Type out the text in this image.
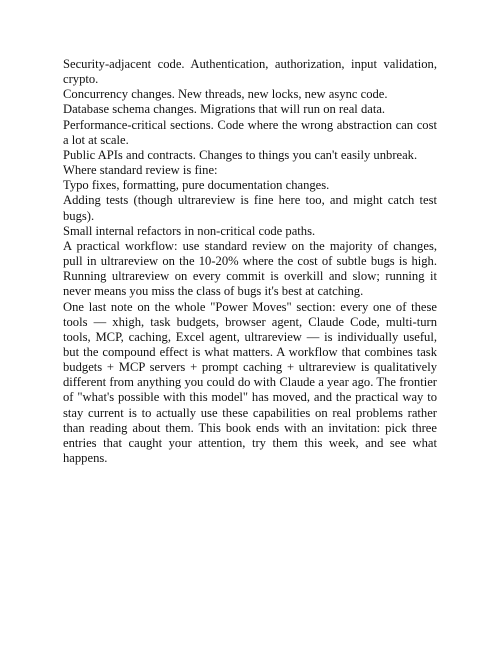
Security-adjacent code. Authentication, authorization, input validation, crypto.

Concurrency changes. New threads, new locks, new async code.

Database schema changes. Migrations that will run on real data.

Performance-critical sections. Code where the wrong abstraction can cost a lot at scale.

Public APIs and contracts. Changes to things you can't easily unbreak.

Where standard review is fine:

Typo fixes, formatting, pure documentation changes.

Adding tests (though ultrareview is fine here too, and might catch test bugs).

Small internal refactors in non-critical code paths.

A practical workflow: use standard review on the majority of changes, pull in ultrareview on the 10-20% where the cost of subtle bugs is high. Running ultrareview on every commit is overkill and slow; running it never means you miss the class of bugs it's best at catching.

One last note on the whole "Power Moves" section: every one of these tools — xhigh, task budgets, browser agent, Claude Code, multi-turn tools, MCP, caching, Excel agent, ultrareview — is individually useful, but the compound effect is what matters. A workflow that combines task budgets + MCP servers + prompt caching + ultrareview is qualitatively different from anything you could do with Claude a year ago. The frontier of "what's possible with this model" has moved, and the practical way to stay current is to actually use these capabilities on real problems rather than reading about them. This book ends with an invitation: pick three entries that caught your attention, try them this week, and see what happens.
